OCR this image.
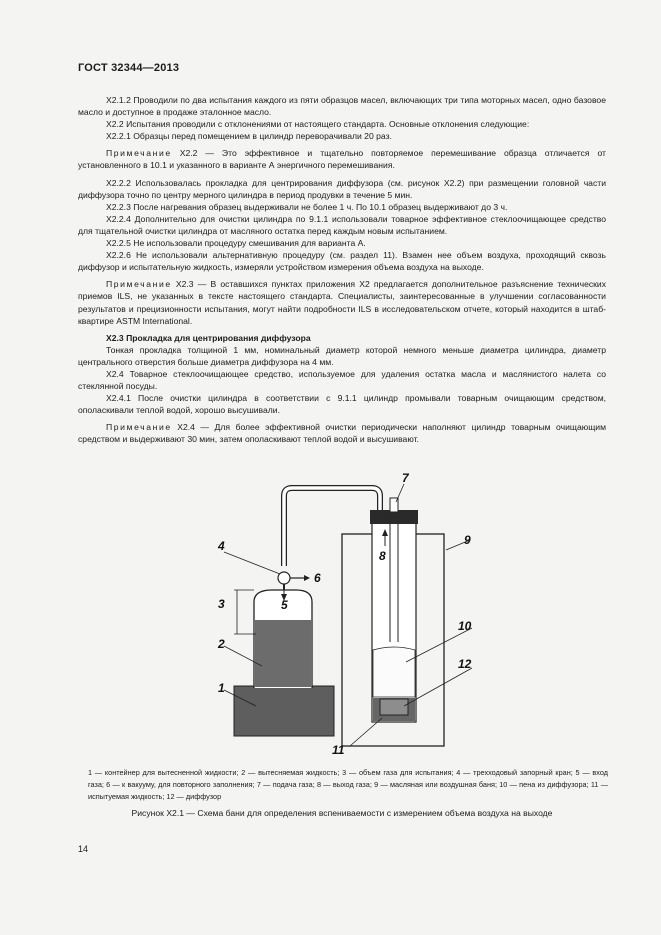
ГОСТ 32344—2013

X2.1.2 Проводили по два испытания каждого из пяти образцов масел, включающих три типа моторных масел, одно базовое масло и доступное в продаже эталонное масло.

X2.2 Испытания проводили с отклонениями от настоящего стандарта. Основные отклонения следующие:

X2.2.1 Образцы перед помещением в цилиндр переворачивали 20 раз.

Примечание X2.2 — Это эффективное и тщательно повторяемое перемешивание образца отличается от установленного в 10.1 и указанного в варианте А энергичного перемешивания.

X2.2.2 Использовалась прокладка для центрирования диффузора (см. рисунок X2.2) при размещении головной части диффузора точно по центру мерного цилиндра в период продувки в течение 5 мин.

X2.2.3 После нагревания образец выдерживали не более 1 ч. По 10.1 образец выдерживают до 3 ч.

X2.2.4 Дополнительно для очистки цилиндра по 9.1.1 использовали товарное эффективное стеклоочищающее средство для тщательной очистки цилиндра от масляного остатка перед каждым новым испытанием.

X2.2.5 Не использовали процедуру смешивания для варианта А.

X2.2.6 Не использовали альтернативную процедуру (см. раздел 11). Взамен нее объем воздуха, проходящий сквозь диффузор и испытательную жидкость, измеряли устройством измерения объема воздуха на выходе.

Примечание X2.3 — В оставшихся пунктах приложения X2 предлагается дополнительное разъяснение технических приемов ILS, не указанных в тексте настоящего стандарта. Специалисты, заинтересованные в улучшении согласованности результатов и прецизионности испытания, могут найти подробности ILS в исследовательском отчете, который находится в штаб-квартире ASTM International.

X2.3 Прокладка для центрирования диффузора

Тонкая прокладка толщиной 1 мм, номинальный диаметр которой немного меньше диаметра цилиндра, диаметр центрального отверстия больше диаметра диффузора на 4 мм.

X2.4 Товарное стеклоочищающее средство, используемое для удаления остатка масла и маслянистого налета со стеклянной посуды.

X2.4.1 После очистки цилиндра в соответствии с 9.1.1 цилиндр промывали товарным очищающим средством, ополаскивали теплой водой, хорошо высушивали.

Примечание X2.4 — Для более эффективной очистки периодически наполняют цилиндр товарным очищающим средством и выдерживают 30 мин, затем ополаскивают теплой водой и высушивают.

1
2
3
4
5
6
7
8
9
10
11
12
1 — контейнер для вытесненной жидкости; 2 — вытесняемая жидкость; 3 — объем газа для испытания; 4 — трехходовый запорный кран; 5 — вход газа; 6 — к вакууму, для повторного заполнения; 7 — подача газа; 8 — выход газа; 9 — масляная или воздушная баня; 10 — пена из диффузора; 11 — испытуемая жидкость; 12 — диффузор
Рисунок X2.1 — Схема бани для определения вспениваемости с измерением объема воздуха на выходе
14
